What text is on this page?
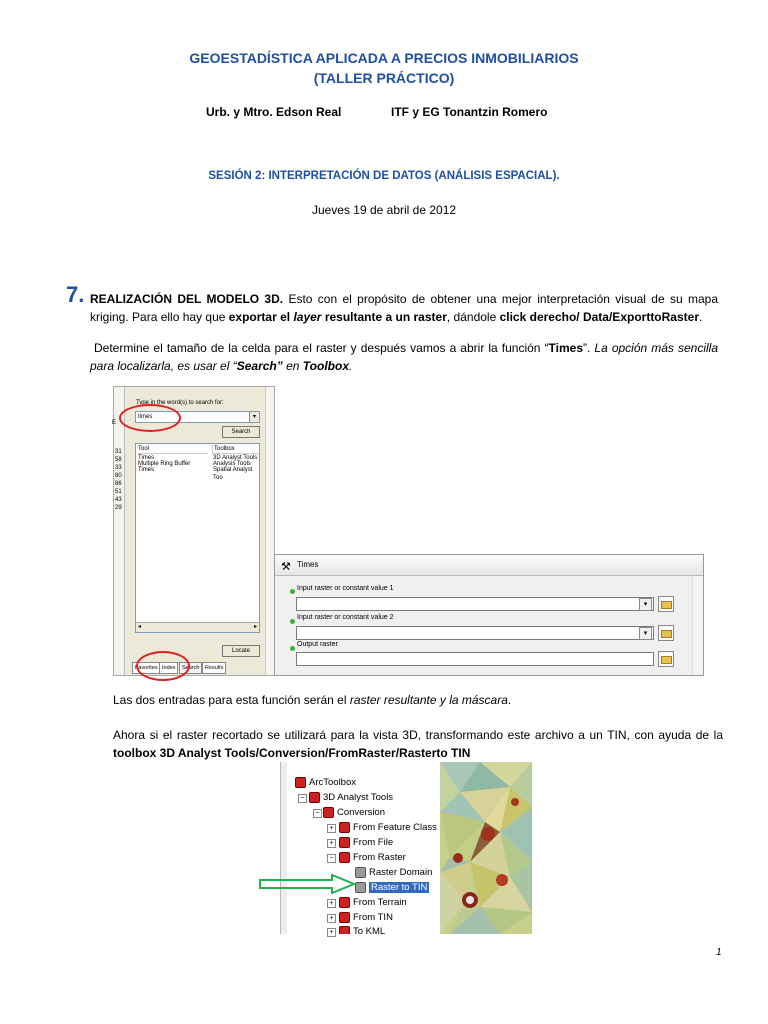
GEOESTADÍSTICA APLICADA A PRECIOS INMOBILIARIOS
(TALLER PRÁCTICO)
Urb. y Mtro. Edson Real	ITF y EG Tonantzin Romero
SESIÓN 2: INTERPRETACIÓN DE DATOS (ANÁLISIS ESPACIAL).
Jueves 19 de abril de 2012
7. REALIZACIÓN DEL MODELO 3D. Esto con el propósito de obtener una mejor interpretación visual de su mapa kriging. Para ello hay que exportar el layer resultante a un raster, dándole click derecho/ Data/ExporttoRaster.
Determine el tamaño de la celda para el raster y después vamos a abrir la función “Times”. La opción más sencilla para localizarla, es usar el “Search” en Toolbox.
E
31
58
33
80
86
51
43
29
Type in the word(s) to search for:
times	▾
Search
Tool	Toolbox
Times	3D Analyst Tools
Multiple Ring Buffer	Analysis Tools
Times	Spatial Analyst Too
◂	▸
Locate
Favorites Index	Search	Results
⚒ Times
Input raster or constant value 1
▾
Input raster or constant value 2
▾
Output raster
Las dos entradas para esta función serán el raster resultante y la máscara.
Ahora si el raster recortado se utilizará para la vista 3D, transformando este archivo a un TIN, con ayuda de la toolbox 3D Analyst Tools/Conversion/FromRaster/Rasterto TIN
ArcToolbox
−	3D Analyst Tools
−	Conversion
+	From Feature Class
+	From File
−	From Raster
Raster Domain
Raster to TIN
+	From Terrain
+	From TIN
+	To KML
1
